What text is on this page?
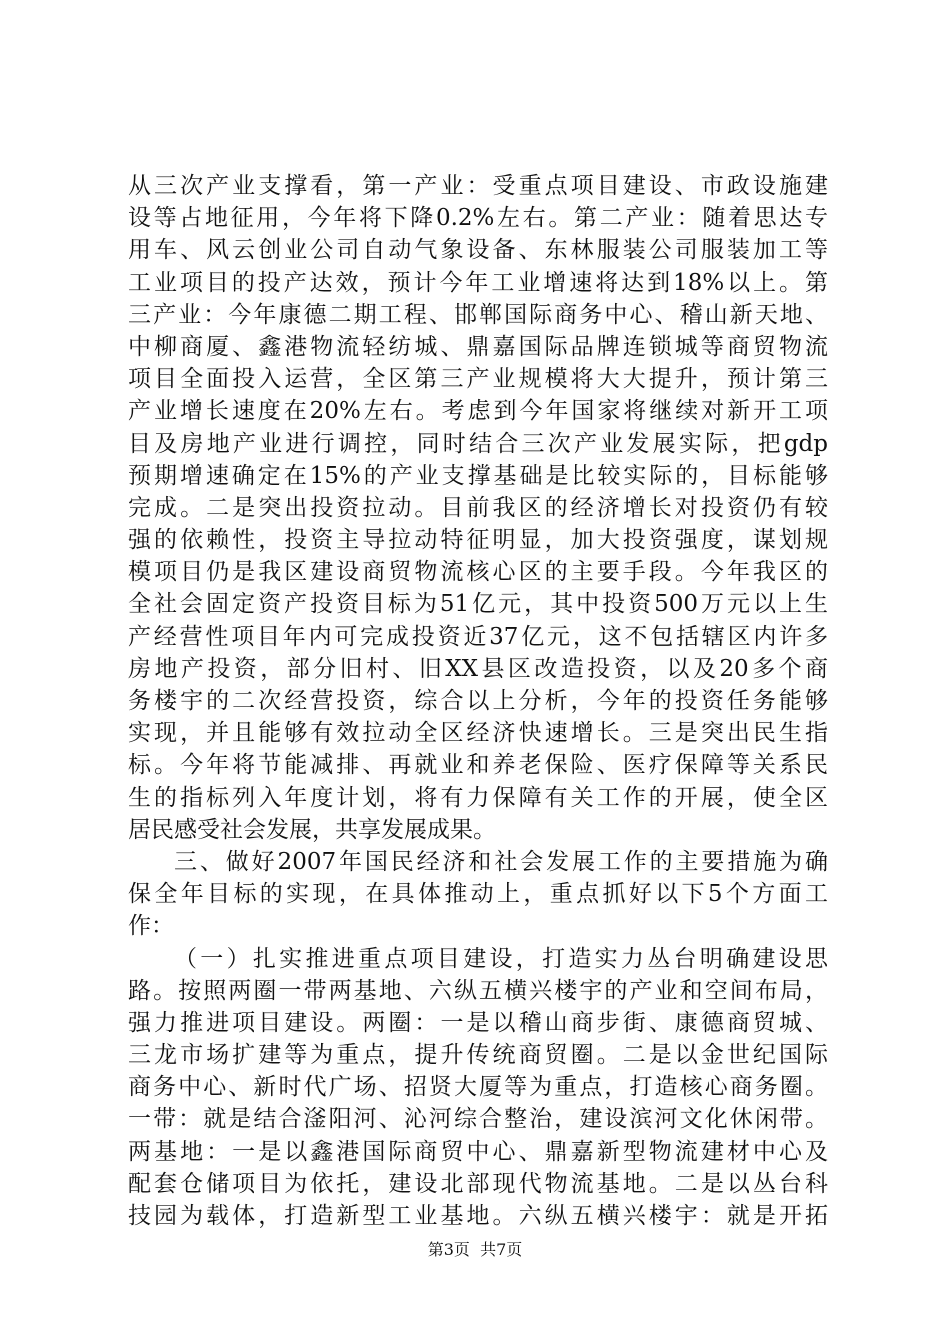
从三次产业支撑看，第一产业：受重点项目建设、市政设施建
设等占地征用，今年将下降0.2%左右。第二产业：随着思达专
用车、风云创业公司自动气象设备、东林服装公司服装加工等
工业项目的投产达效，预计今年工业增速将达到18%以上。第
三产业：今年康德二期工程、邯郸国际商务中心、稽山新天地、
中柳商厦、鑫港物流轻纺城、鼎嘉国际品牌连锁城等商贸物流
项目全面投入运营，全区第三产业规模将大大提升，预计第三
产业增长速度在20%左右。考虑到今年国家将继续对新开工项
目及房地产业进行调控，同时结合三次产业发展实际，把gdp
预期增速确定在15%的产业支撑基础是比较实际的，目标能够
完成。二是突出投资拉动。目前我区的经济增长对投资仍有较
强的依赖性，投资主导拉动特征明显，加大投资强度，谋划规
模项目仍是我区建设商贸物流核心区的主要手段。今年我区的
全社会固定资产投资目标为51亿元，其中投资500万元以上生
产经营性项目年内可完成投资近37亿元，这不包括辖区内许多
房地产投资，部分旧村、旧XX县区改造投资，以及20多个商
务楼宇的二次经营投资，综合以上分析，今年的投资任务能够
实现，并且能够有效拉动全区经济快速增长。三是突出民生指
标。今年将节能减排、再就业和养老保险、医疗保障等关系民
生的指标列入年度计划，将有力保障有关工作的开展，使全区
居民感受社会发展，共享发展成果。
三、做好2007年国民经济和社会发展工作的主要措施为确
保全年目标的实现，在具体推动上，重点抓好以下5个方面工
作：
（一）扎实推进重点项目建设，打造实力丛台明确建设思
路。按照两圈一带两基地、六纵五横兴楼宇的产业和空间布局，
强力推进项目建设。两圈：一是以稽山商步街、康德商贸城、
三龙市场扩建等为重点，提升传统商贸圈。二是以金世纪国际
商务中心、新时代广场、招贤大厦等为重点，打造核心商务圈。
一带：就是结合滏阳河、沁河综合整治，建设滨河文化休闲带。
两基地：一是以鑫港国际商贸中心、鼎嘉新型物流建材中心及
配套仓储项目为依托，建设北部现代物流基地。二是以丛台科
技园为载体，打造新型工业基地。六纵五横兴楼宇：就是开拓
第3页  共7页
